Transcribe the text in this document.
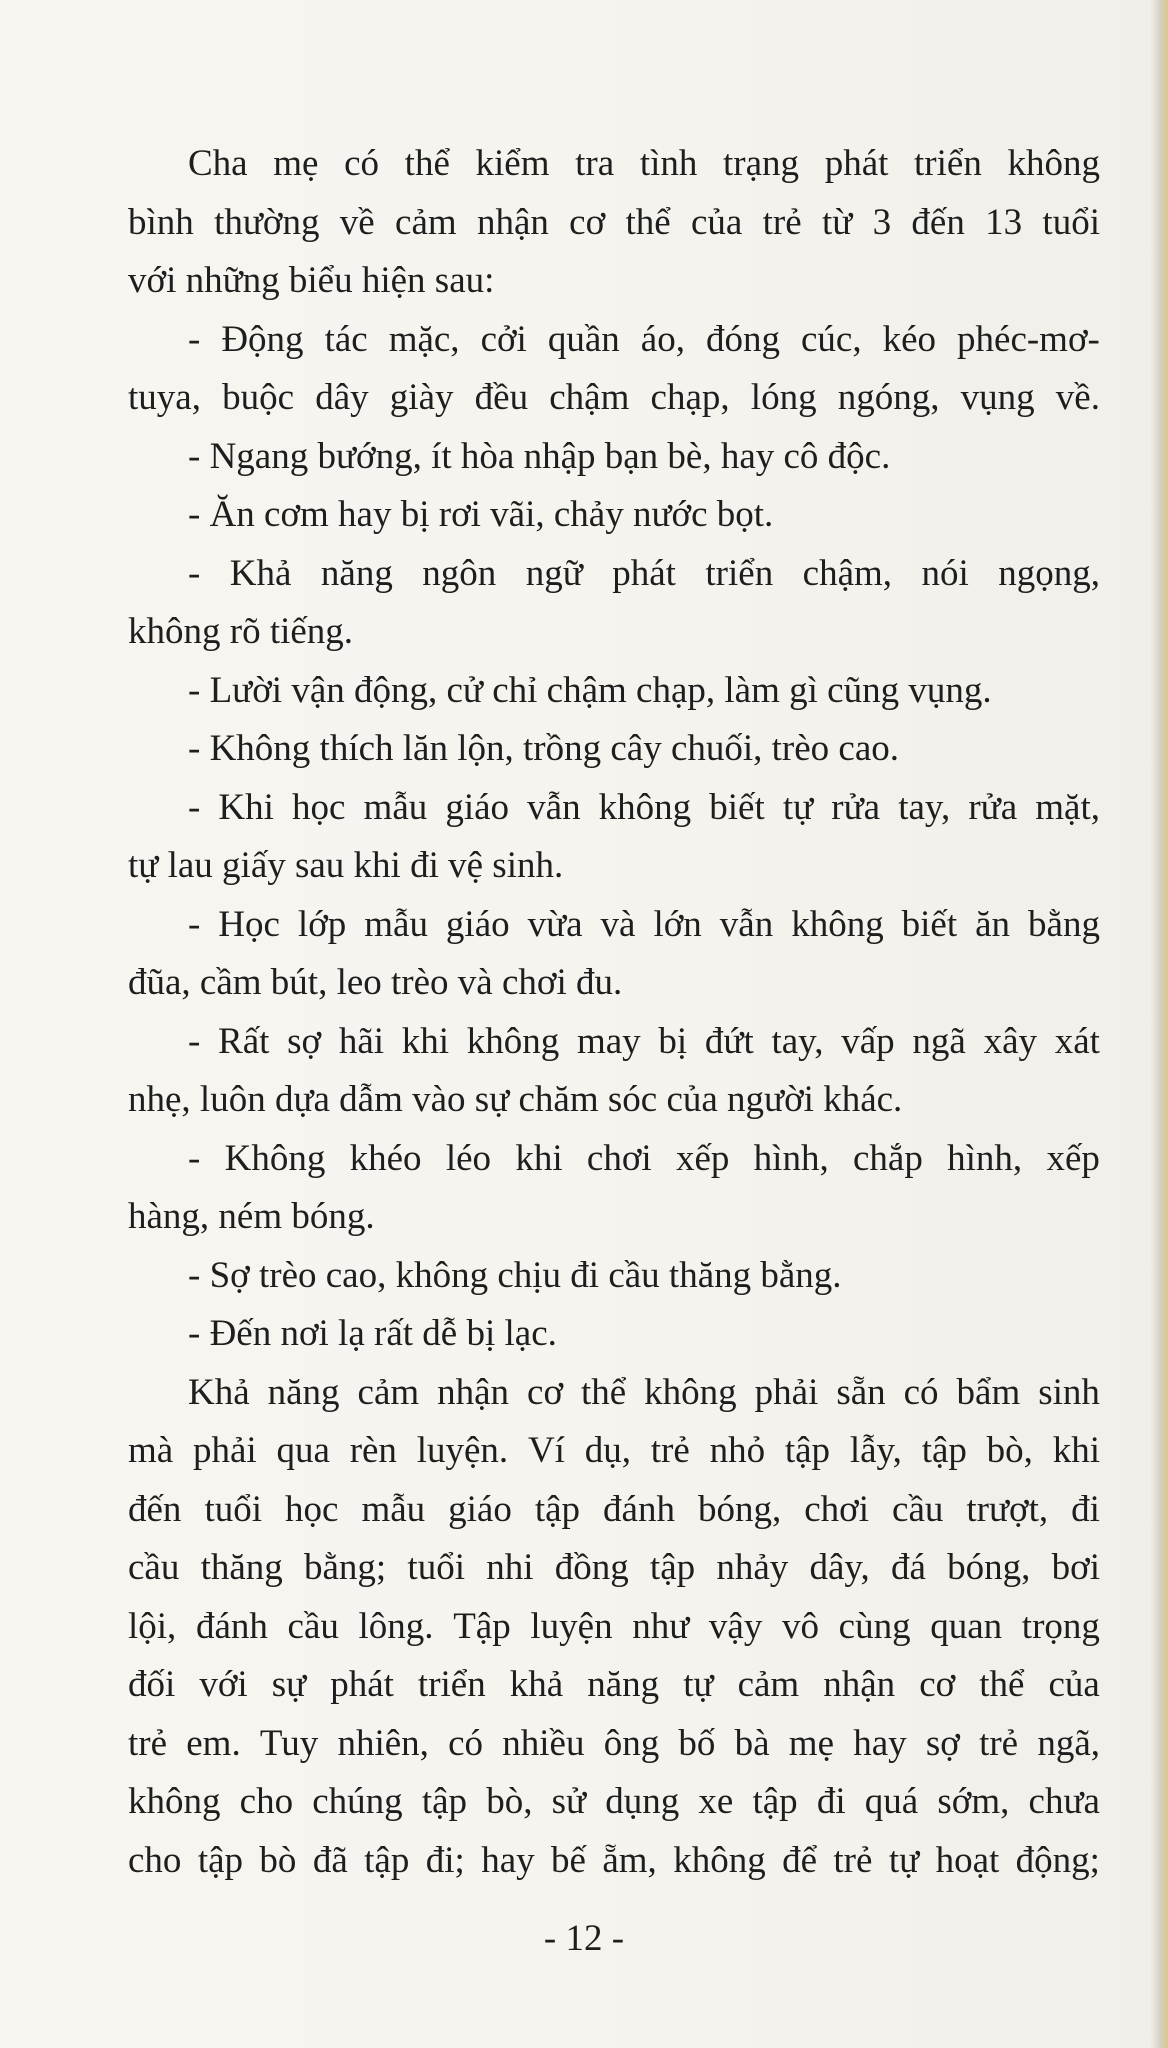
Cha mẹ có thể kiểm tra tình trạng phát triển không
bình thường về cảm nhận cơ thể của trẻ từ 3 đến 13 tuổi
với những biểu hiện sau:
- Động tác mặc, cởi quần áo, đóng cúc, kéo phéc-mơ-
tuya, buộc dây giày đều chậm chạp, lóng ngóng, vụng về.
- Ngang bướng, ít hòa nhập bạn bè, hay cô độc.
- Ăn cơm hay bị rơi vãi, chảy nước bọt.
- Khả năng ngôn ngữ phát triển chậm, nói ngọng,
không rõ tiếng.
- Lười vận động, cử chỉ chậm chạp, làm gì cũng vụng.
- Không thích lăn lộn, trồng cây chuối, trèo cao.
- Khi học mẫu giáo vẫn không biết tự rửa tay, rửa mặt,
tự lau giấy sau khi đi vệ sinh.
- Học lớp mẫu giáo vừa và lớn vẫn không biết ăn bằng
đũa, cầm bút, leo trèo và chơi đu.
- Rất sợ hãi khi không may bị đứt tay, vấp ngã xây xát
nhẹ, luôn dựa dẫm vào sự chăm sóc của người khác.
- Không khéo léo khi chơi xếp hình, chắp hình, xếp
hàng, ném bóng.
- Sợ trèo cao, không chịu đi cầu thăng bằng.
- Đến nơi lạ rất dễ bị lạc.
Khả năng cảm nhận cơ thể không phải sẵn có bẩm sinh
mà phải qua rèn luyện. Ví dụ, trẻ nhỏ tập lẫy, tập bò, khi
đến tuổi học mẫu giáo tập đánh bóng, chơi cầu trượt, đi
cầu thăng bằng; tuổi nhi đồng tập nhảy dây, đá bóng, bơi
lội, đánh cầu lông. Tập luyện như vậy vô cùng quan trọng
đối với sự phát triển khả năng tự cảm nhận cơ thể của
trẻ em. Tuy nhiên, có nhiều ông bố bà mẹ hay sợ trẻ ngã,
không cho chúng tập bò, sử dụng xe tập đi quá sớm, chưa
cho tập bò đã tập đi; hay bế ẵm, không để trẻ tự hoạt động;
- 12 -
